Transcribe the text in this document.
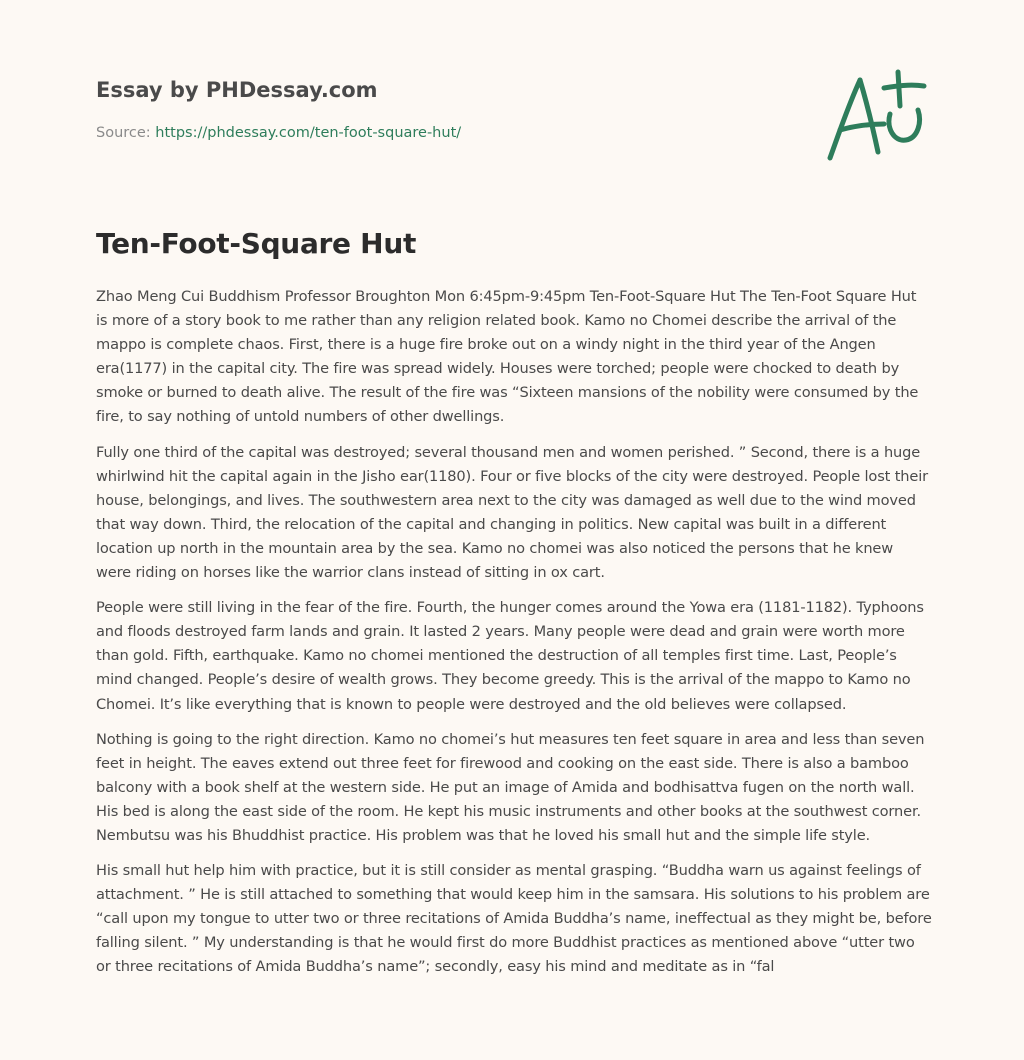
Essay by PHDessay.com
Source: https://phdessay.com/ten-foot-square-hut/
Ten-Foot-Square Hut

Zhao Meng Cui Buddhism Professor Broughton Mon 6:45pm-9:45pm Ten-Foot-Square Hut The Ten-Foot Square Hut is more of a story book to me rather than any religion related book. Kamo no Chomei describe the arrival of the mappo is complete chaos. First, there is a huge fire broke out on a windy night in the third year of the Angen era(1177) in the capital city. The fire was spread widely. Houses were torched; people were chocked to death by smoke or burned to death alive. The result of the fire was “Sixteen mansions of the nobility were consumed by the fire, to say nothing of untold numbers of other dwellings.

Fully one third of the capital was destroyed; several thousand men and women perished. ” Second, there is a huge whirlwind hit the capital again in the Jisho ear(1180). Four or five blocks of the city were destroyed. People lost their house, belongings, and lives. The southwestern area next to the city was damaged as well due to the wind moved that way down. Third, the relocation of the capital and changing in politics. New capital was built in a different location up north in the mountain area by the sea. Kamo no chomei was also noticed the persons that he knew were riding on horses like the warrior clans instead of sitting in ox cart.

People were still living in the fear of the fire. Fourth, the hunger comes around the Yowa era (1181-1182). Typhoons and floods destroyed farm lands and grain. It lasted 2 years. Many people were dead and grain were worth more than gold. Fifth, earthquake. Kamo no chomei mentioned the destruction of all temples first time. Last, People’s mind changed. People’s desire of wealth grows. They become greedy. This is the arrival of the mappo to Kamo no Chomei. It’s like everything that is known to people were destroyed and the old believes were collapsed.

Nothing is going to the right direction. Kamo no chomei’s hut measures ten feet square in area and less than seven feet in height. The eaves extend out three feet for firewood and cooking on the east side. There is also a bamboo balcony with a book shelf at the western side. He put an image of Amida and bodhisattva fugen on the north wall. His bed is along the east side of the room. He kept his music instruments and other books at the southwest corner. Nembutsu was his Bhuddhist practice. His problem was that he loved his small hut and the simple life style.

His small hut help him with practice, but it is still consider as mental grasping. “Buddha warn us against feelings of attachment. ” He is still attached to something that would keep him in the samsara. His solutions to his problem are “call upon my tongue to utter two or three recitations of Amida Buddha’s name, ineffectual as they might be, before falling silent. ” My understanding is that he would first do more Buddhist practices as mentioned above “utter two or three recitations of Amida Buddha’s name”; secondly, easy his mind and meditate as in “fal
